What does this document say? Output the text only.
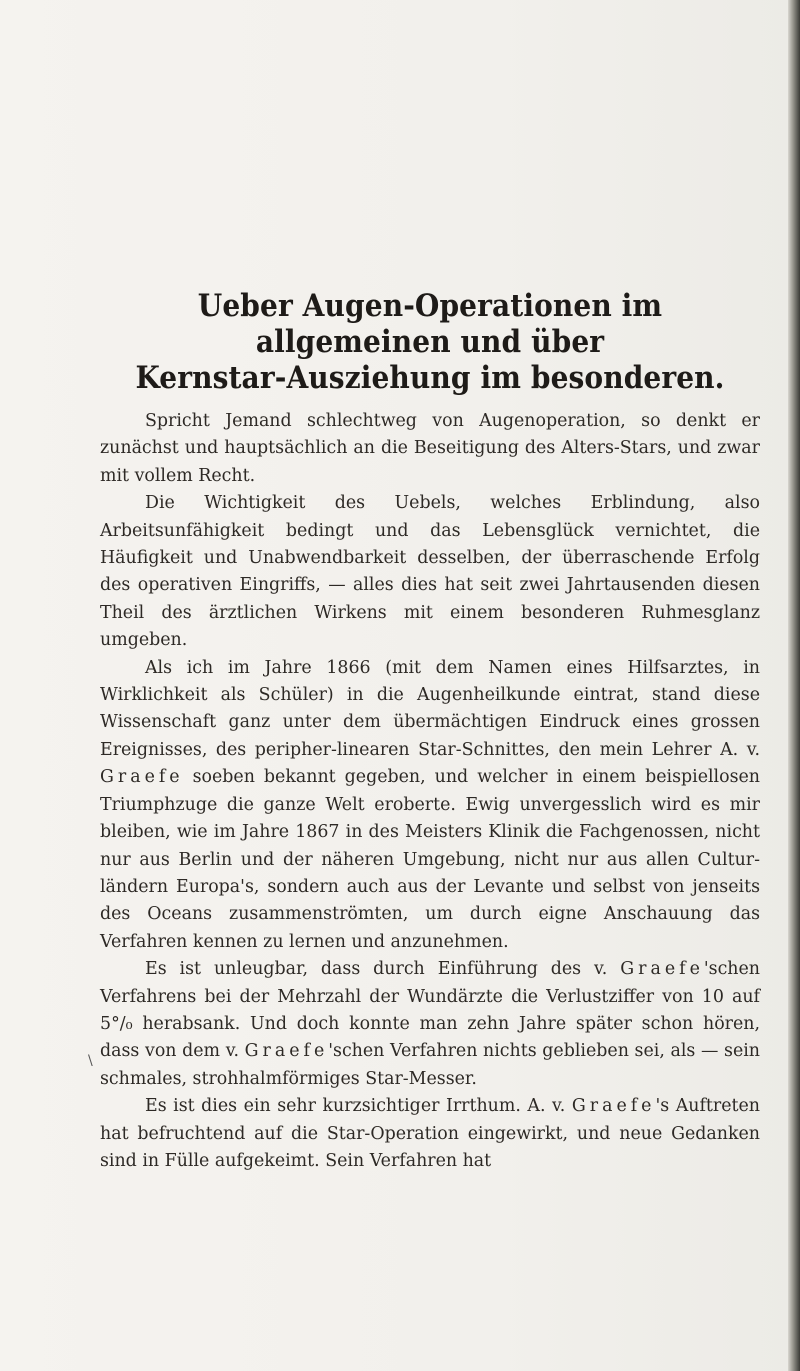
\
Ueber Augen-Operationen im allgemeinen und über
Kernstar-Ausziehung im besonderen.

Spricht Jemand schlechtweg von Augenoperation, so denkt er zunächst und hauptsächlich an die Beseitigung des Alters-Stars, und zwar mit vollem Recht.

Die Wichtigkeit des Uebels, welches Erblindung, also Arbeitsunfähigkeit bedingt und das Lebensglück vernichtet, die Häufigkeit und Unabwendbarkeit desselben, der überraschende Erfolg des operativen Eingriffs, — alles dies hat seit zwei Jahrtausenden diesen Theil des ärztlichen Wirkens mit einem besonderen Ruhmesglanz umgeben.

Als ich im Jahre 1866 (mit dem Namen eines Hilfsarztes, in Wirklichkeit als Schüler) in die Augenheilkunde eintrat, stand diese Wissenschaft ganz unter dem übermächtigen Eindruck eines grossen Ereignisses, des peripher-linearen Star-Schnittes, den mein Lehrer A. v. Graefe soeben bekannt gegeben, und welcher in einem beispiellosen Triumphzuge die ganze Welt eroberte. Ewig unvergesslich wird es mir bleiben, wie im Jahre 1867 in des Meisters Klinik die Fachgenossen, nicht nur aus Berlin und der näheren Umgebung, nicht nur aus allen Cultur-ländern Europa's, sondern auch aus der Levante und selbst von jenseits des Oceans zusammenströmten, um durch eigne Anschauung das Verfahren kennen zu lernen und anzunehmen.

Es ist unleugbar, dass durch Einführung des v. Graefe'schen Verfahrens bei der Mehrzahl der Wundärzte die Verlustziffer von 10 auf 5°/₀ herabsank. Und doch konnte man zehn Jahre später schon hören, dass von dem v. Graefe'schen Verfahren nichts geblieben sei, als — sein schmales, strohhalmförmiges Star-Messer.

Es ist dies ein sehr kurzsichtiger Irrthum. A. v. Graefe's Auftreten hat befruchtend auf die Star-Operation eingewirkt, und neue Gedanken sind in Fülle aufgekeimt. Sein Verfahren hat
